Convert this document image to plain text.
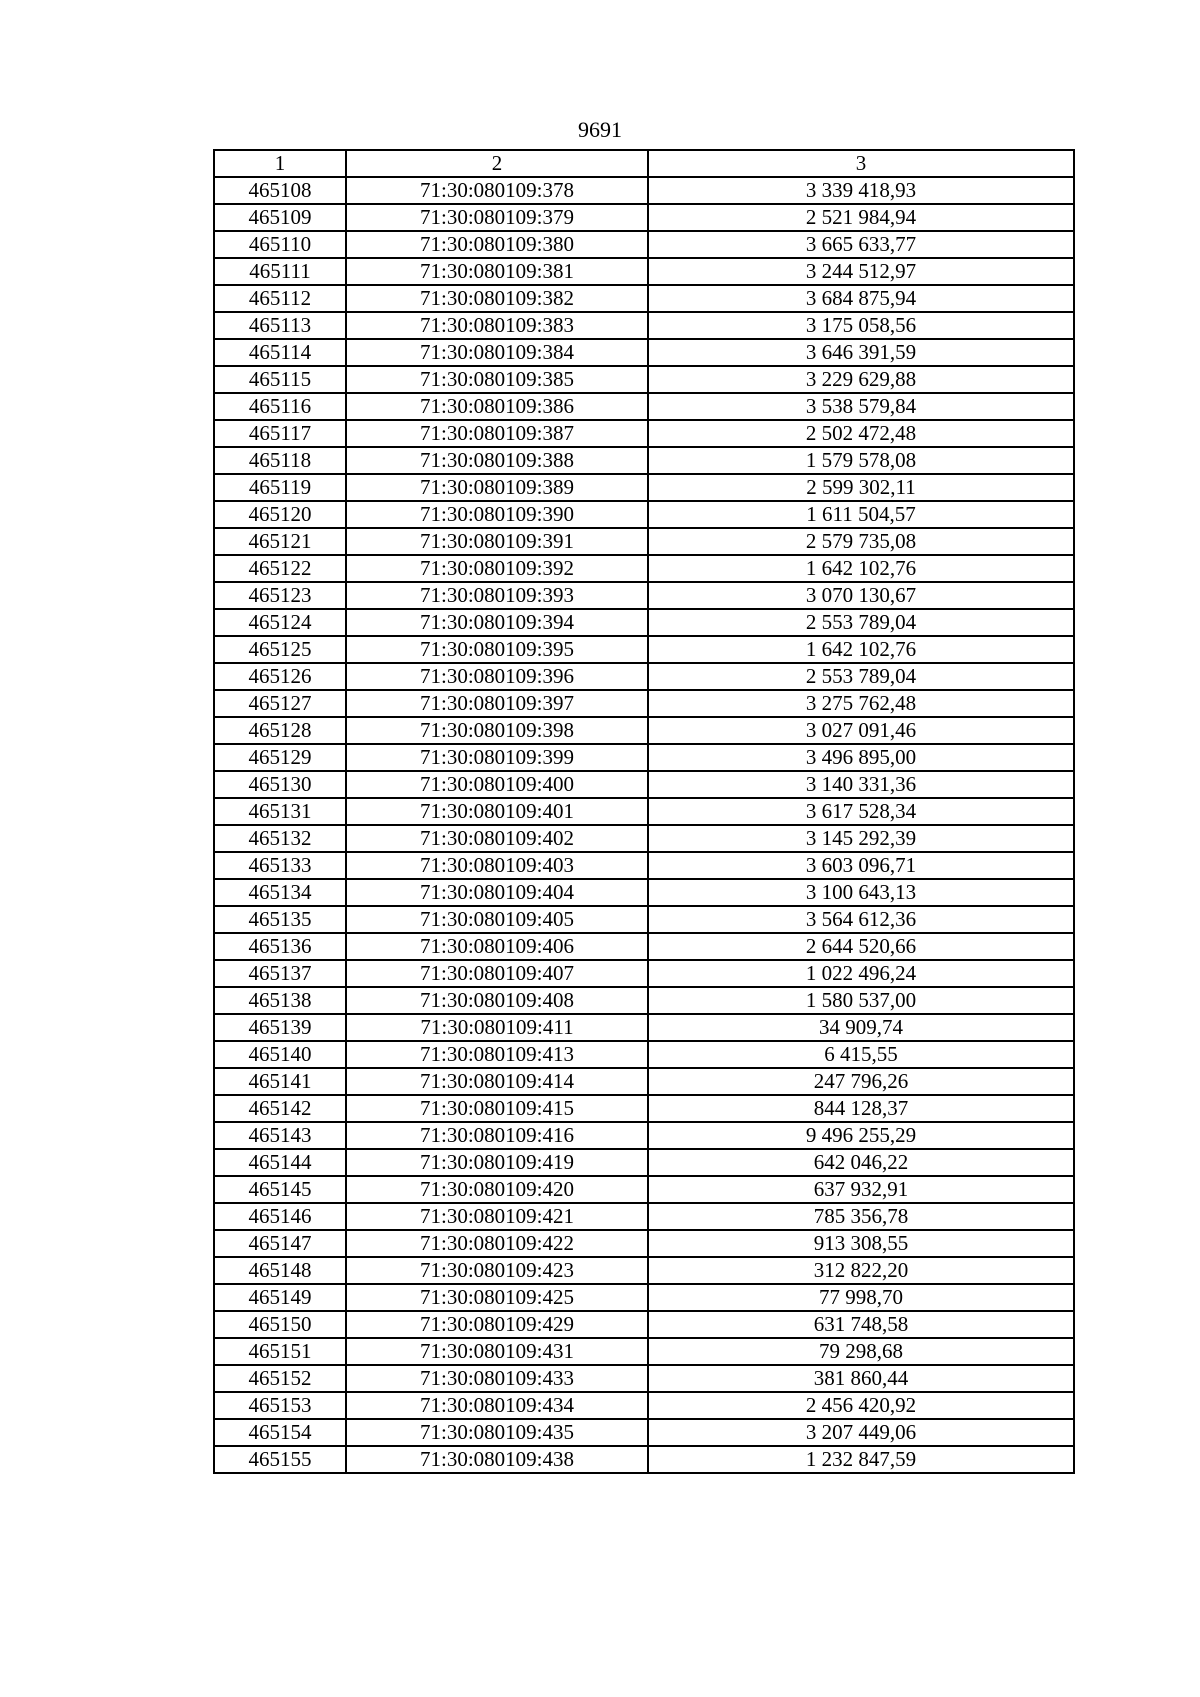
9691
1	2	3
465108	71:30:080109:378	3 339 418,93
465109	71:30:080109:379	2 521 984,94
465110	71:30:080109:380	3 665 633,77
465111	71:30:080109:381	3 244 512,97
465112	71:30:080109:382	3 684 875,94
465113	71:30:080109:383	3 175 058,56
465114	71:30:080109:384	3 646 391,59
465115	71:30:080109:385	3 229 629,88
465116	71:30:080109:386	3 538 579,84
465117	71:30:080109:387	2 502 472,48
465118	71:30:080109:388	1 579 578,08
465119	71:30:080109:389	2 599 302,11
465120	71:30:080109:390	1 611 504,57
465121	71:30:080109:391	2 579 735,08
465122	71:30:080109:392	1 642 102,76
465123	71:30:080109:393	3 070 130,67
465124	71:30:080109:394	2 553 789,04
465125	71:30:080109:395	1 642 102,76
465126	71:30:080109:396	2 553 789,04
465127	71:30:080109:397	3 275 762,48
465128	71:30:080109:398	3 027 091,46
465129	71:30:080109:399	3 496 895,00
465130	71:30:080109:400	3 140 331,36
465131	71:30:080109:401	3 617 528,34
465132	71:30:080109:402	3 145 292,39
465133	71:30:080109:403	3 603 096,71
465134	71:30:080109:404	3 100 643,13
465135	71:30:080109:405	3 564 612,36
465136	71:30:080109:406	2 644 520,66
465137	71:30:080109:407	1 022 496,24
465138	71:30:080109:408	1 580 537,00
465139	71:30:080109:411	34 909,74
465140	71:30:080109:413	6 415,55
465141	71:30:080109:414	247 796,26
465142	71:30:080109:415	844 128,37
465143	71:30:080109:416	9 496 255,29
465144	71:30:080109:419	642 046,22
465145	71:30:080109:420	637 932,91
465146	71:30:080109:421	785 356,78
465147	71:30:080109:422	913 308,55
465148	71:30:080109:423	312 822,20
465149	71:30:080109:425	77 998,70
465150	71:30:080109:429	631 748,58
465151	71:30:080109:431	79 298,68
465152	71:30:080109:433	381 860,44
465153	71:30:080109:434	2 456 420,92
465154	71:30:080109:435	3 207 449,06
465155	71:30:080109:438	1 232 847,59
